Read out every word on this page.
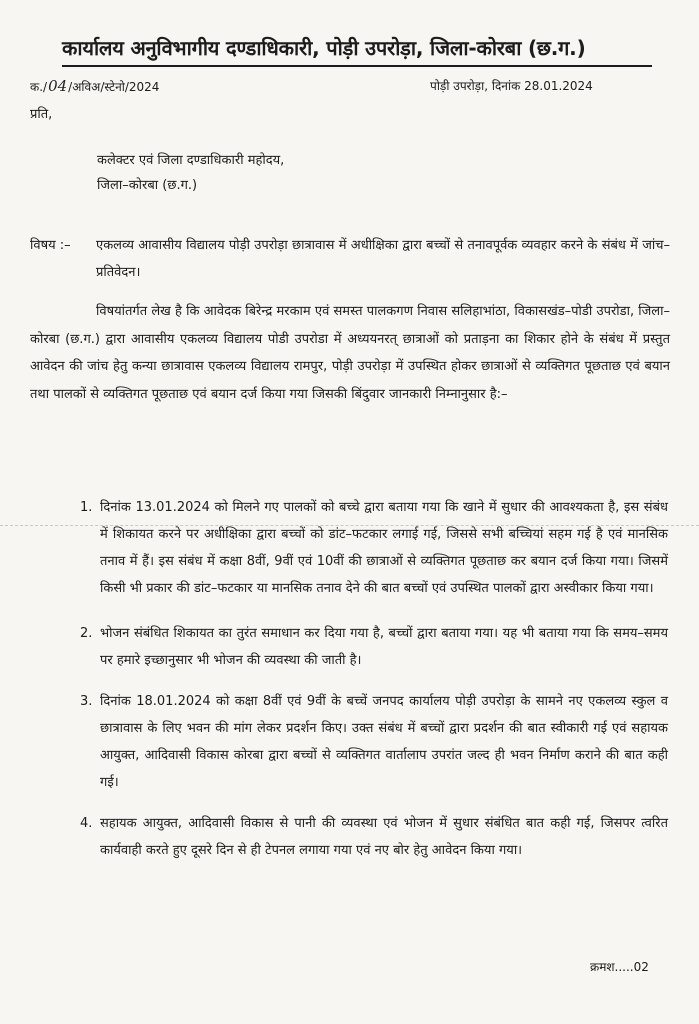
कार्यालय अनुविभागीय दण्डाधिकारी, पोड़ी उपरोड़ा, जिला-कोरबा (छ.ग.)
क./04/अविअ/स्टेनो/2024	पोड़ी उपरोड़ा, दिनांक 28.01.2024
प्रति,
कलेक्टर एवं जिला दण्डाधिकारी महोदय,
जिला–कोरबा (छ.ग.)
विषय :–	एकलव्य आवासीय विद्यालय पोड़ी उपरोड़ा छात्रावास में अधीक्षिका द्वारा बच्चों से तनावपूर्वक व्यवहार करने के संबंध में जांच–प्रतिवेदन।
विषयांतर्गत लेख है कि आवेदक बिरेन्द्र मरकाम एवं समस्त पालकगण निवास सलिहाभांठा, विकासखंड–पोडी उपरोडा, जिला–कोरबा (छ.ग.) द्वारा आवासीय एकलव्य विद्यालय पोडी उपरोडा में अध्ययनरत् छात्राओं को प्रताड़ना का शिकार होने के संबंध में प्रस्तुत आवेदन की जांच हेतु कन्या छात्रावास एकलव्य विद्यालय रामपुर, पोड़ी उपरोड़ा में उपस्थित होकर छात्राओं से व्यक्तिगत पूछताछ एवं बयान तथा पालकों से व्यक्तिगत पूछताछ एवं बयान दर्ज किया गया जिसकी बिंदुवार जानकारी निम्नानुसार है:–
1. दिनांक 13.01.2024 को मिलने गए पालकों को बच्चे द्वारा बताया गया कि खाने में सुधार की आवश्यकता है, इस संबंध में शिकायत करने पर अधीक्षिका द्वारा बच्चों को डांट–फटकार लगाई गई, जिससे सभी बच्चियां सहम गई है एवं मानसिक तनाव में हैं। इस संबंध में कक्षा 8वीं, 9वीं एवं 10वीं की छात्राओं से व्यक्तिगत पूछताछ कर बयान दर्ज किया गया। जिसमें किसी भी प्रकार की डांट–फटकार या मानसिक तनाव देने की बात बच्चों एवं उपस्थित पालकों द्वारा अस्वीकार किया गया।
2. भोजन संबंधित शिकायत का तुरंत समाधान कर दिया गया है, बच्चों द्वारा बताया गया। यह भी बताया गया कि समय–समय पर हमारे इच्छानुसार भी भोजन की व्यवस्था की जाती है।
3. दिनांक 18.01.2024 को कक्षा 8वीं एवं 9वीं के बच्चें जनपद कार्यालय पोड़ी उपरोड़ा के सामने नए एकलव्य स्कुल व छात्रावास के लिए भवन की मांग लेकर प्रदर्शन किए। उक्त संबंध में बच्चों द्वारा प्रदर्शन की बात स्वीकारी गई एवं सहायक आयुक्त, आदिवासी विकास कोरबा द्वारा बच्चों से व्यक्तिगत वार्तालाप उपरांत जल्द ही भवन निर्माण कराने की बात कही गई।
4. सहायक आयुक्त, आदिवासी विकास से पानी की व्यवस्था एवं भोजन में सुधार संबंधित बात कही गई, जिसपर त्वरित कार्यवाही करते हुए दूसरे दिन से ही टेपनल लगाया गया एवं नए बोर हेतु आवेदन किया गया।
क्रमश.....02
